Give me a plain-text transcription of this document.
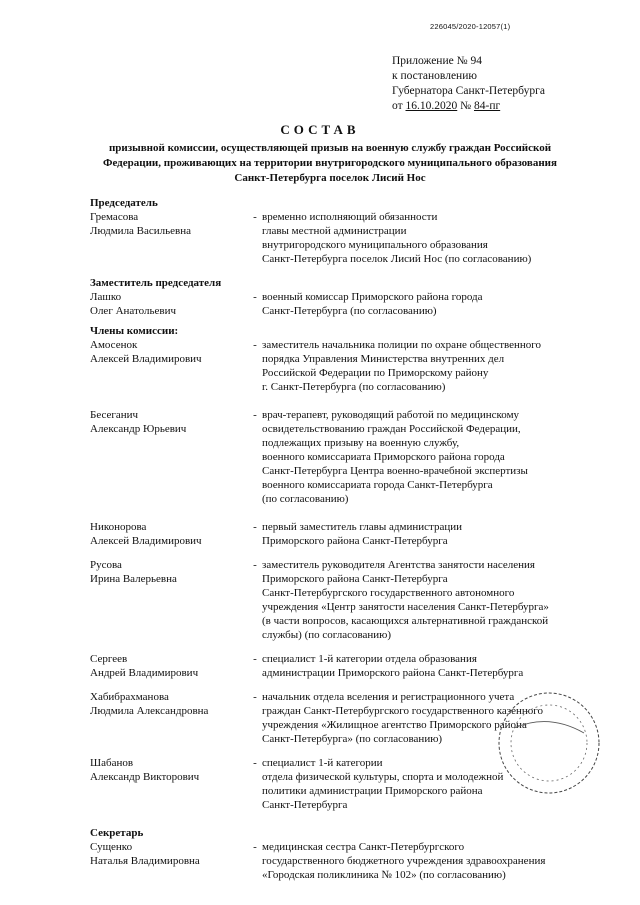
226045/2020-12057(1)
Приложение № 94
к постановлению
Губернатора Санкт-Петербурга
от 16.10.2020 № 84-пг
СОСТАВ
призывной комиссии, осуществляющей призыв на военную службу граждан Российской Федерации, проживающих на территории внутригородского муниципального образования Санкт-Петербурга поселок Лисий Нос
Председатель
Гремасова
Людмила Васильевна
- временно исполняющий обязанности
главы местной администрации
внутригородского муниципального образования
Санкт-Петербурга поселок Лисий Нос (по согласованию)
Заместитель председателя
Лашко
Олег Анатольевич
- военный комиссар Приморского района города
Санкт-Петербурга (по согласованию)
Члены комиссии:
Амосенок
Алексей Владимирович
- заместитель начальника полиции по охране общественного
порядка Управления Министерства внутренних дел
Российской Федерации по Приморскому району
г. Санкт-Петербурга (по согласованию)
Бесеганич
Александр Юрьевич
- врач-терапевт, руководящий работой по медицинскому
освидетельствованию граждан Российской Федерации,
подлежащих призыву на военную службу,
военного комиссариата Приморского района города
Санкт-Петербурга Центра военно-врачебной экспертизы
военного комиссариата города Санкт-Петербурга
(по согласованию)
Никонорова
Алексей Владимирович
- первый заместитель главы администрации
Приморского района Санкт-Петербурга
Русова
Ирина Валерьевна
- заместитель руководителя Агентства занятости населения
Приморского района Санкт-Петербурга
Санкт-Петербургского государственного автономного
учреждения «Центр занятости населения Санкт-Петербурга»
(в части вопросов, касающихся альтернативной гражданской
службы) (по согласованию)
Сергеев
Андрей Владимирович
- специалист 1-й категории отдела образования
администрации Приморского района Санкт-Петербурга
Хабибрахманова
Людмила Александровна
- начальник отдела вселения и регистрационного учета
граждан Санкт-Петербургского государственного казенного
учреждения «Жилищное агентство Приморского района
Санкт-Петербурга» (по согласованию)
Шабанов
Александр Викторович
- специалист 1-й категории
отдела физической культуры, спорта и молодежной
политики администрации Приморского района
Санкт-Петербурга
Секретарь
Сущенко
Наталья Владимировна
- медицинская сестра Санкт-Петербургского
государственного бюджетного учреждения здравоохранения
«Городская поликлиника № 102» (по согласованию)
